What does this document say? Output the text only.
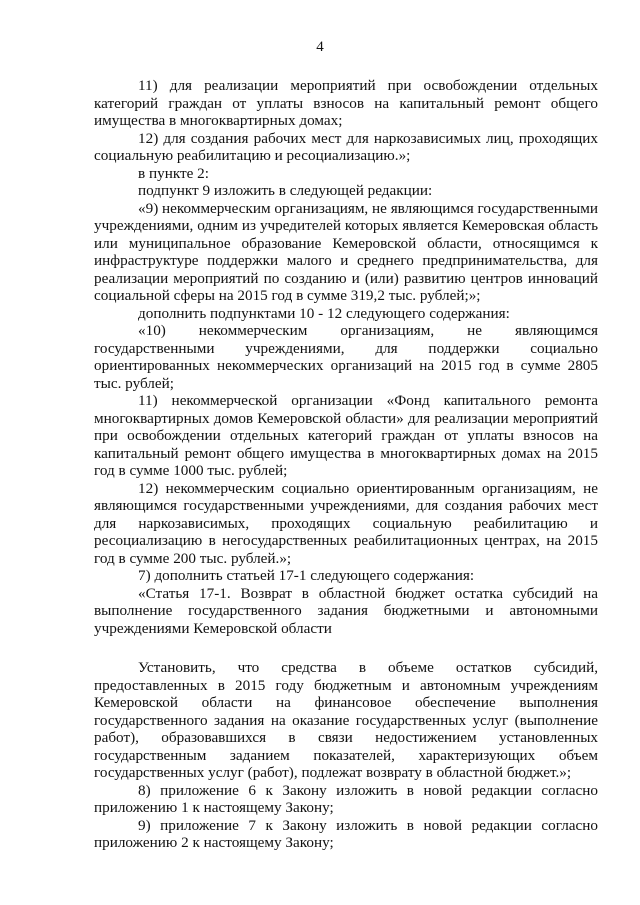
4

11) для реализации мероприятий при освобождении отдельных категорий граждан от уплаты взносов на капитальный ремонт общего имущества в многоквартирных домах;

12) для создания рабочих мест для наркозависимых лиц, проходящих социальную реабилитацию и ресоциализацию.»;

в пункте 2:

подпункт 9 изложить в следующей редакции:

«9) некоммерческим организациям, не являющимся государственными учреждениями, одним из учредителей которых является Кемеровская область или муниципальное образование Кемеровской области, относящимся к инфраструктуре поддержки малого и среднего предпринимательства, для реализации мероприятий по созданию и (или) развитию центров инноваций социальной сферы на 2015 год в сумме 319,2 тыс. рублей;»;

дополнить подпунктами 10 - 12 следующего содержания:

«10) некоммерческим организациям, не являющимся государственными учреждениями, для поддержки социально ориентированных некоммерческих организаций на 2015 год в сумме 2805 тыс. рублей;

11) некоммерческой организации «Фонд капитального ремонта многоквартирных домов Кемеровской области» для реализации мероприятий при освобождении отдельных категорий граждан от уплаты взносов на капитальный ремонт общего имущества в многоквартирных домах на 2015 год в сумме 1000 тыс. рублей;

12) некоммерческим социально ориентированным организациям, не являющимся государственными учреждениями, для создания рабочих мест для наркозависимых, проходящих социальную реабилитацию и ресоциализацию в негосударственных реабилитационных центрах, на 2015 год в сумме 200 тыс. рублей.»;

7) дополнить статьей 17-1 следующего содержания:

«Статья 17-1. Возврат в областной бюджет остатка субсидий на выполнение государственного задания бюджетными и автономными учреждениями Кемеровской области

Установить, что средства в объеме остатков субсидий, предоставленных в 2015 году бюджетным и автономным учреждениям Кемеровской области на финансовое обеспечение выполнения государственного задания на оказание государственных услуг (выполнение работ), образовавшихся в связи недостижением установленных государственным заданием показателей, характеризующих объем государственных услуг (работ), подлежат возврату в областной бюджет.»;

8) приложение 6 к Закону изложить в новой редакции согласно приложению 1 к настоящему Закону;

9) приложение 7 к Закону изложить в новой редакции согласно приложению 2 к настоящему Закону;
